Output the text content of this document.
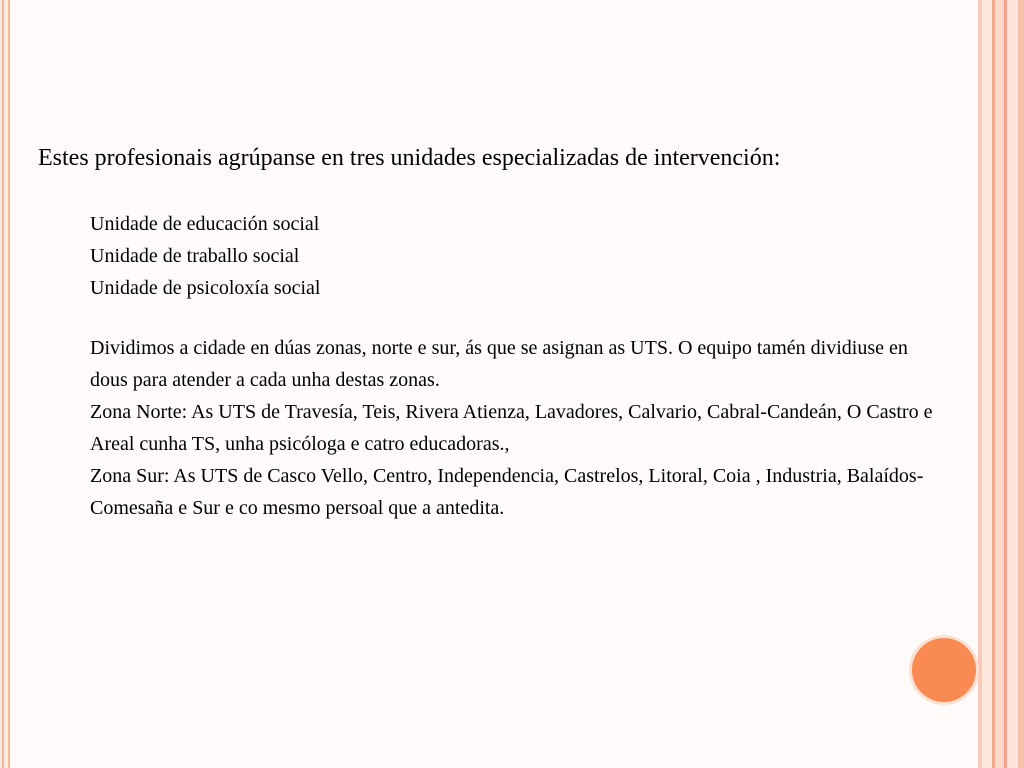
Estes profesionais agrúpanse en tres unidades especializadas de intervención:
Unidade de educación social
Unidade de traballo social
Unidade de psicoloxía social

Dividimos a cidade en dúas zonas, norte e sur, ás que se asignan as UTS. O equipo tamén dividiuse en dous para atender a cada unha destas zonas.

Zona Norte: As UTS de Travesía, Teis, Rivera Atienza, Lavadores, Calvario, Cabral-Candeán, O Castro e Areal cunha TS, unha psicóloga e catro educadoras.,

Zona Sur: As UTS de Casco Vello, Centro, Independencia, Castrelos, Litoral, Coia , Industria, Balaídos-Comesaña e Sur e co mesmo persoal que a antedita.
